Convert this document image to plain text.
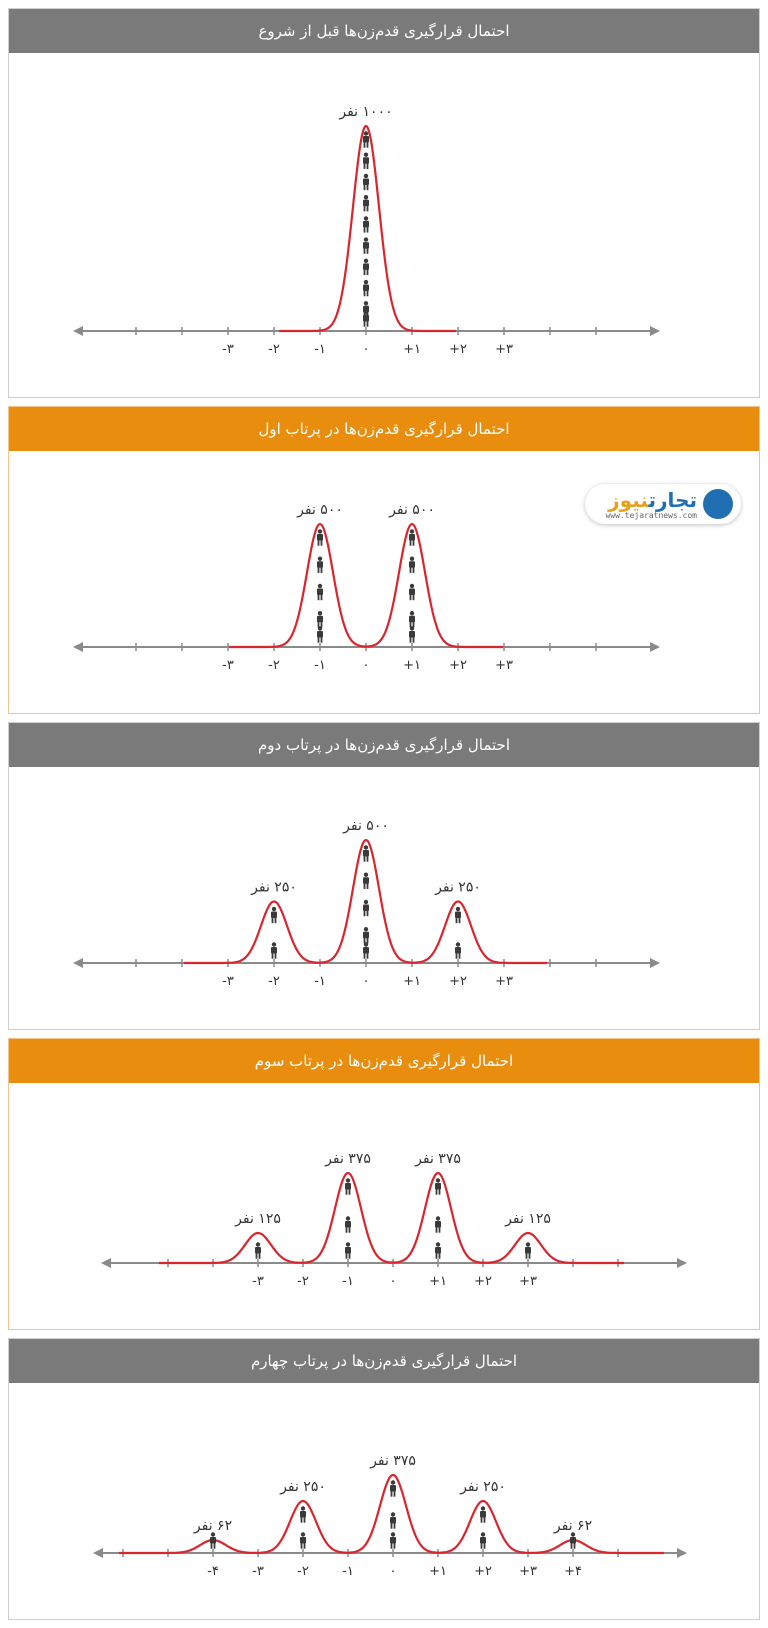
احتمال قرارگیری قدم‌زن‌ها قبل از شروع
-۳	-۲	-۱	۰	+۱ +۲ +۳
۱۰۰۰ نفر
احتمال قرارگیری قدم‌زن‌ها در پرتاب اول
-۳	-۲	-۱	۰	+۱ +۲ +۳
۵۰۰ نفر	۵۰۰ نفر	تجارتنیوز
www.tejaratnews.com
احتمال قرارگیری قدم‌زن‌ها در پرتاب دوم
-۳	-۲	-۱	۰	+۱ +۲ +۳
۲۵۰ نفر
۵۰۰ نفر
۲۵۰ نفر
احتمال قرارگیری قدم‌زن‌ها در پرتاب سوم
-۳	-۲	-۱	۰	+۱ +۲ +۳
۱۲۵ نفر
۳۷۵ نفر	۳۷۵ نفر
۱۲۵ نفر
احتمال قرارگیری قدم‌زن‌ها در پرتاب چهارم
-۴	-۳	-۲	-۱	۰	+۱ +۲ +۳ +۴
۶۲ نفر
۲۵۰ نفر
۳۷۵ نفر
۲۵۰ نفر
۶۲ نفر
